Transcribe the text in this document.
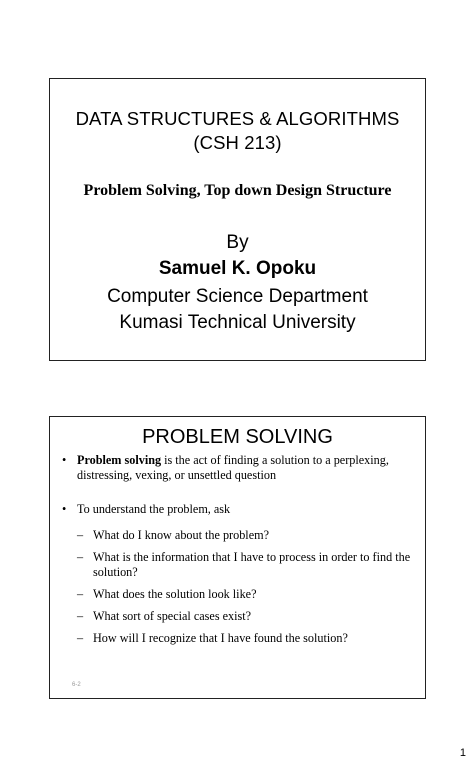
DATA STRUCTURES & ALGORITHMS
(CSH 213)
Problem Solving, Top down Design Structure
By
Samuel K. Opoku
Computer Science Department
Kumasi Technical University
PROBLEM SOLVING
• Problem solving is the act of finding a solution to a perplexing, distressing, vexing, or unsettled question
• To understand the problem, ask
– What do I know about the problem?
– What is the information that I have to process in order to find the solution?
– What does the solution look like?
– What sort of special cases exist?
– How will I recognize that I have found the solution?
6-2
1
